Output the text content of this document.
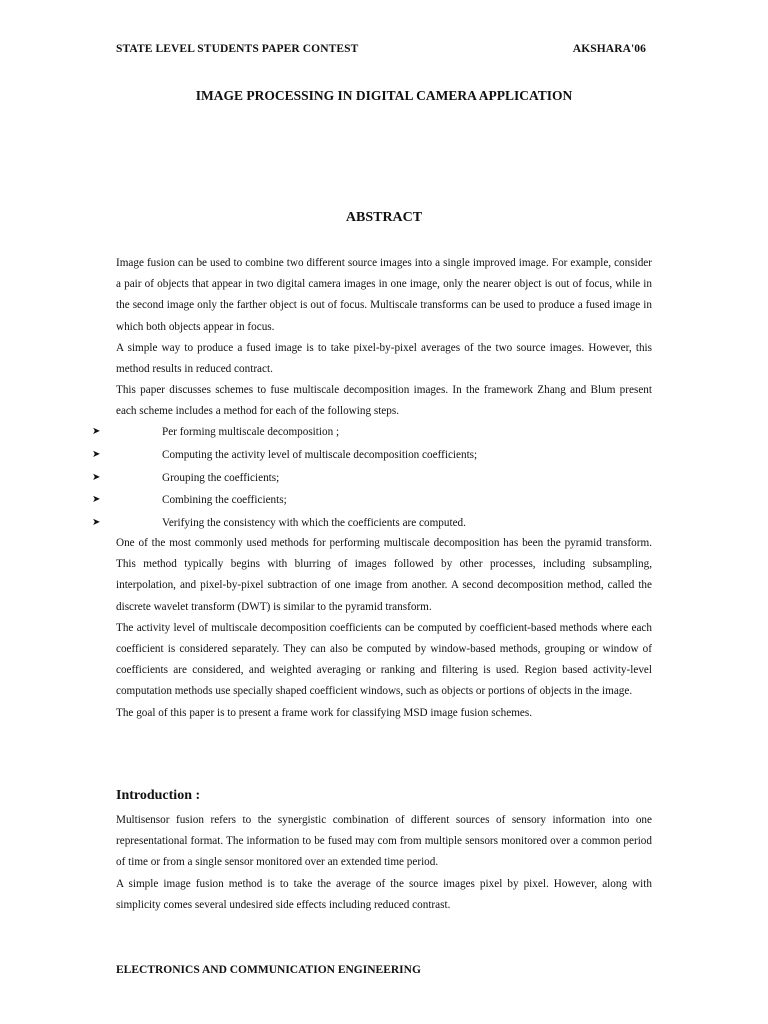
STATE LEVEL STUDENTS PAPER CONTEST	AKSHARA'06
IMAGE PROCESSING IN DIGITAL CAMERA APPLICATION
ABSTRACT

Image fusion can be used to combine two different source images into a single improved image. For example, consider a pair of objects that appear in two digital camera images in one image, only the nearer object is out of focus, while in the second image only the farther object is out of focus. Multiscale transforms can be used to produce a fused image in which both objects appear in focus.

A simple way to produce a fused image is to take pixel-by-pixel averages of the two source images. However, this method results in reduced contract.

This paper discusses schemes to fuse multiscale decomposition images. In the framework Zhang and Blum present each scheme includes a method for each of the following steps.

➤	Per forming multiscale decomposition ;
➤	Computing the activity level of multiscale decomposition coefficients;
➤	Grouping the coefficients;
➤	Combining the coefficients;
➤	Verifying the consistency with which the coefficients are computed.

One of the most commonly used methods for performing multiscale decomposition has been the pyramid transform. This method typically begins with blurring of images followed by other processes, including subsampling, interpolation, and pixel-by-pixel subtraction of one image from another. A second decomposition method, called the discrete wavelet transform (DWT) is similar to the pyramid transform.

The activity level of multiscale decomposition coefficients can be computed by coefficient-based methods where each coefficient is considered separately. They can also be computed by window-based methods, grouping or window of coefficients are considered, and weighted averaging or ranking and filtering is used. Region based activity-level computation methods use specially shaped coefficient windows, such as objects or portions of objects in the image.

The goal of this paper is to present a frame work for classifying MSD image fusion schemes.

Introduction :

Multisensor fusion refers to the synergistic combination of different sources of sensory information into one representational format. The information to be fused may com from multiple sensors monitored over a common period of time or from a single sensor monitored over an extended time period.

A simple image fusion method is to take the average of the source images pixel by pixel. However, along with simplicity comes several undesired side effects including reduced contrast.

ELECTRONICS AND COMMUNICATION ENGINEERING
